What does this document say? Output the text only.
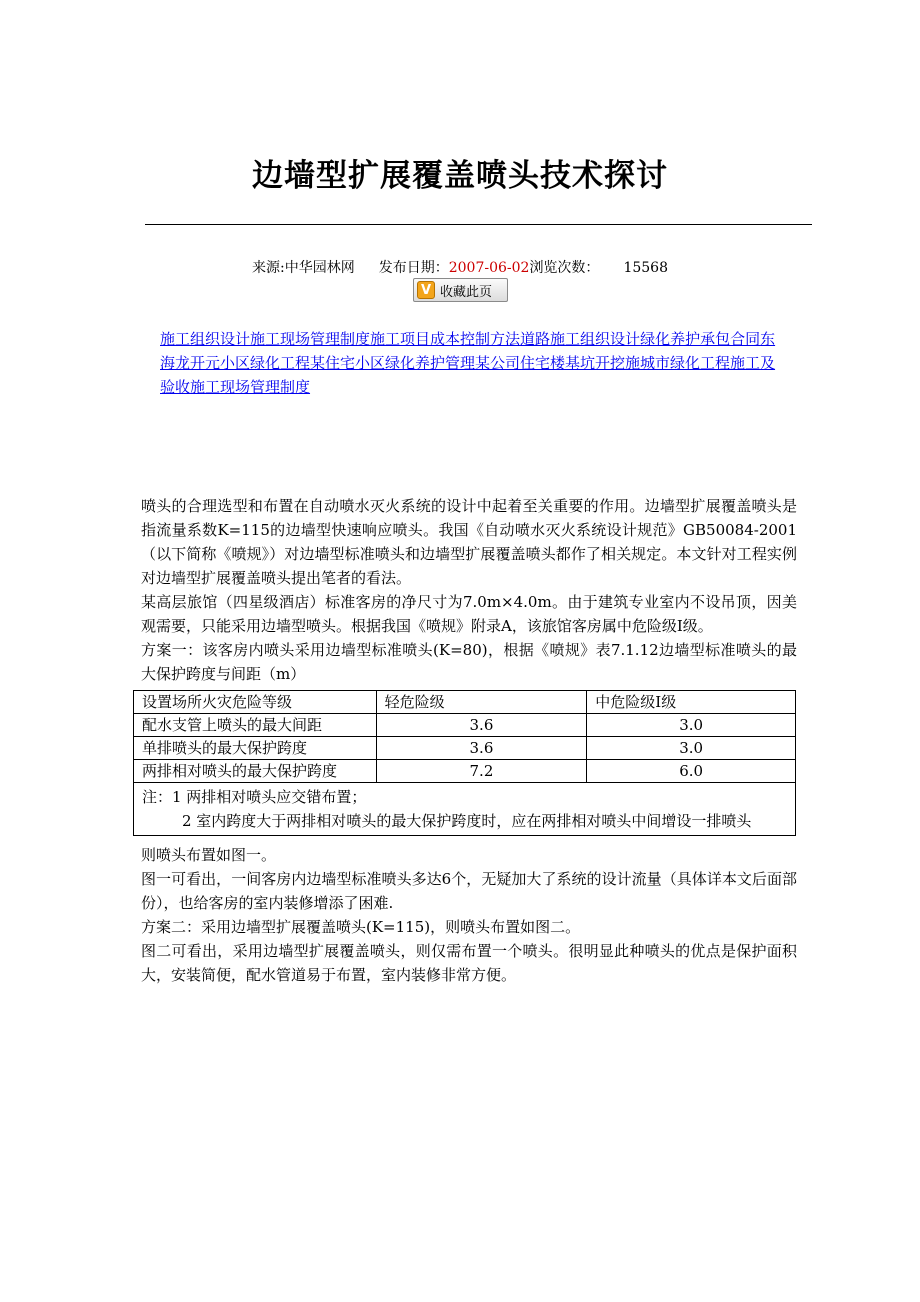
边墙型扩展覆盖喷头技术探讨
来源:中华园林网 发布日期：2007-06-02浏览次数： 15568
V 收藏此页
施工组织设计施工现场管理制度施工项目成本控制方法道路施工组织设计绿化养护承包合同东海龙开元小区绿化工程某住宅小区绿化养护管理某公司住宅楼基坑开挖施城市绿化工程施工及验收施工现场管理制度

喷头的合理选型和布置在自动喷水灭火系统的设计中起着至关重要的作用。边墙型扩展覆盖喷头是指流量系数K=115的边墙型快速响应喷头。我国《自动喷水灭火系统设计规范》GB50084-2001（以下简称《喷规》）对边墙型标准喷头和边墙型扩展覆盖喷头都作了相关规定。本文针对工程实例对边墙型扩展覆盖喷头提出笔者的看法。

某高层旅馆（四星级酒店）标准客房的净尺寸为7.0m×4.0m。由于建筑专业室内不设吊顶，因美观需要，只能采用边墙型喷头。根据我国《喷规》附录A，该旅馆客房属中危险级I级。

方案一：该客房内喷头采用边墙型标准喷头(K=80)，根据《喷规》表7.1.12边墙型标准喷头的最大保护跨度与间距（m）

设置场所火灾危险等级	轻危险级	中危险级I级
配水支管上喷头的最大间距	3.6	3.0
单排喷头的最大保护跨度	3.6	3.0
两排相对喷头的最大保护跨度	7.2	6.0

注：1 两排相对喷头应交错布置；
2 室内跨度大于两排相对喷头的最大保护跨度时，应在两排相对喷头中间增设一排喷头		

则喷头布置如图一。

图一可看出，一间客房内边墙型标准喷头多达6个，无疑加大了系统的设计流量（具体详本文后面部份），也给客房的室内装修增添了困难.

方案二：采用边墙型扩展覆盖喷头(K=115)，则喷头布置如图二。

图二可看出，采用边墙型扩展覆盖喷头，则仅需布置一个喷头。很明显此种喷头的优点是保护面积大，安装简便，配水管道易于布置，室内装修非常方便。
